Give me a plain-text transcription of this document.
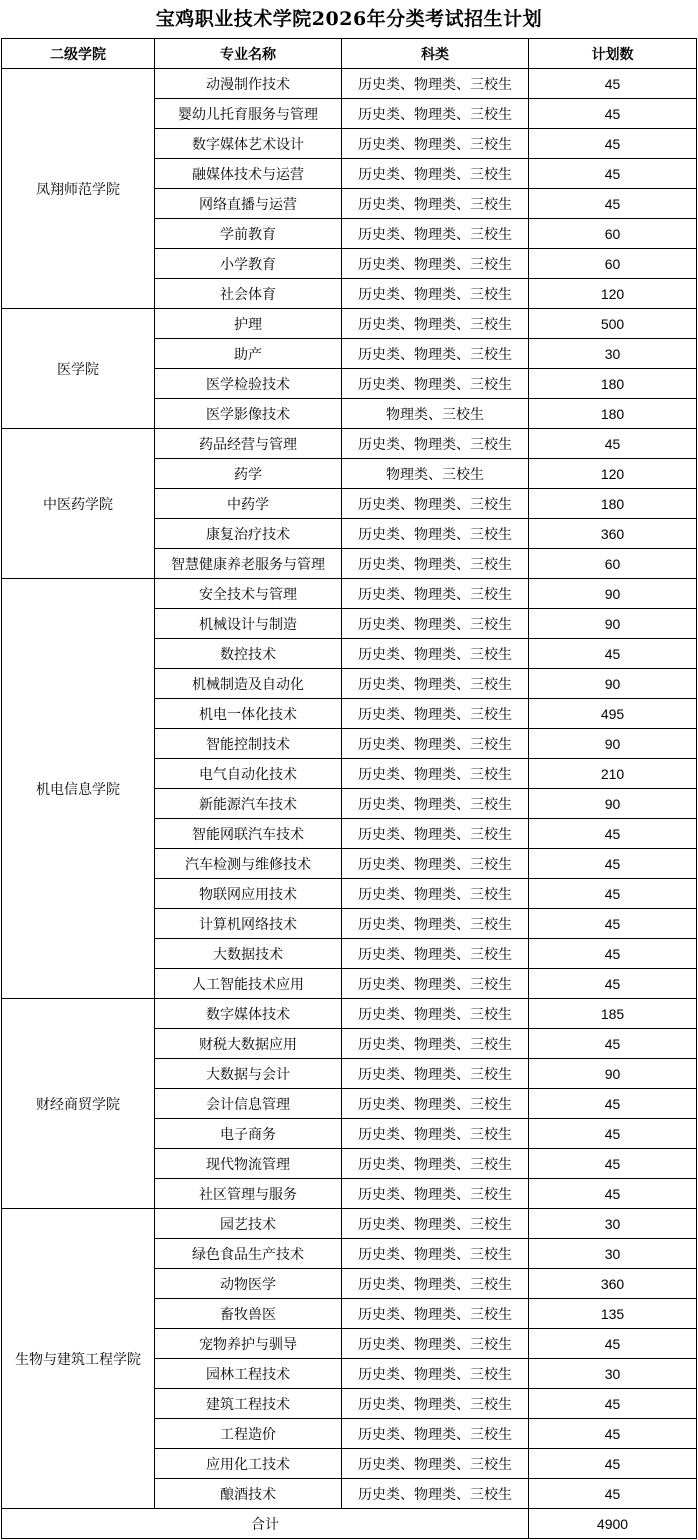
宝鸡职业技术学院2026年分类考试招生计划
二级学院	专业名称	科类	计划数
凤翔师范学院	动漫制作技术	历史类、物理类、三校生	45
	婴幼儿托育服务与管理	历史类、物理类、三校生	45
	数字媒体艺术设计	历史类、物理类、三校生	45
	融媒体技术与运营	历史类、物理类、三校生	45
	网络直播与运营	历史类、物理类、三校生	45
	学前教育	历史类、物理类、三校生	60
	小学教育	历史类、物理类、三校生	60
	社会体育	历史类、物理类、三校生	120
医学院	护理	历史类、物理类、三校生	500
	助产	历史类、物理类、三校生	30
	医学检验技术	历史类、物理类、三校生	180
	医学影像技术	物理类、三校生	180
中医药学院	药品经营与管理	历史类、物理类、三校生	45
	药学	物理类、三校生	120
	中药学	历史类、物理类、三校生	180
	康复治疗技术	历史类、物理类、三校生	360
	智慧健康养老服务与管理	历史类、物理类、三校生	60
机电信息学院	安全技术与管理	历史类、物理类、三校生	90
	机械设计与制造	历史类、物理类、三校生	90
	数控技术	历史类、物理类、三校生	45
	机械制造及自动化	历史类、物理类、三校生	90
	机电一体化技术	历史类、物理类、三校生	495
	智能控制技术	历史类、物理类、三校生	90
	电气自动化技术	历史类、物理类、三校生	210
	新能源汽车技术	历史类、物理类、三校生	90
	智能网联汽车技术	历史类、物理类、三校生	45
	汽车检测与维修技术	历史类、物理类、三校生	45
	物联网应用技术	历史类、物理类、三校生	45
	计算机网络技术	历史类、物理类、三校生	45
	大数据技术	历史类、物理类、三校生	45
	人工智能技术应用	历史类、物理类、三校生	45
财经商贸学院	数字媒体技术	历史类、物理类、三校生	185
	财税大数据应用	历史类、物理类、三校生	45
	大数据与会计	历史类、物理类、三校生	90
	会计信息管理	历史类、物理类、三校生	45
	电子商务	历史类、物理类、三校生	45
	现代物流管理	历史类、物理类、三校生	45
	社区管理与服务	历史类、物理类、三校生	45
生物与建筑工程学院	园艺技术	历史类、物理类、三校生	30
	绿色食品生产技术	历史类、物理类、三校生	30
	动物医学	历史类、物理类、三校生	360
	畜牧兽医	历史类、物理类、三校生	135
	宠物养护与驯导	历史类、物理类、三校生	45
	园林工程技术	历史类、物理类、三校生	30
	建筑工程技术	历史类、物理类、三校生	45
	工程造价	历史类、物理类、三校生	45
	应用化工技术	历史类、物理类、三校生	45
	酿酒技术	历史类、物理类、三校生	45
合计			4900
